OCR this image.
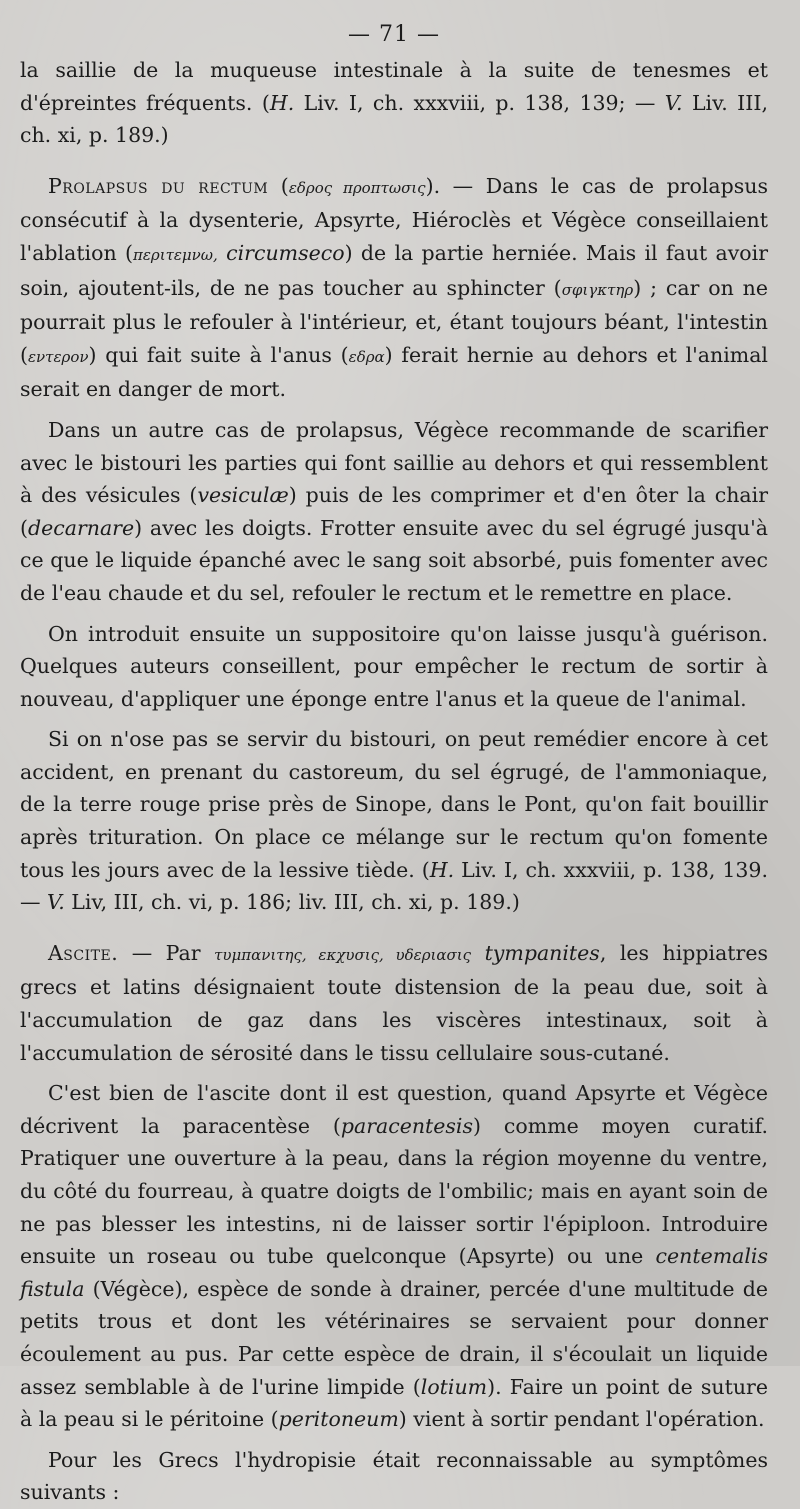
— 71 —

la saillie de la muqueuse intestinale à la suite de tenesmes et d'épreintes fréquents. (H. Liv. I, ch. xxxviii, p. 138, 139; — V. Liv. III, ch. xi, p. 189.)

Prolapsus du rectum (εδρος προπτωσις). — Dans le cas de prolapsus consécutif à la dysenterie, Apsyrte, Hiéroclès et Végèce conseillaient l'ablation (περιτεμνω, circumseco) de la partie herniée. Mais il faut avoir soin, ajoutent-ils, de ne pas toucher au sphincter (σφιγκτηρ) ; car on ne pourrait plus le refouler à l'intérieur, et, étant toujours béant, l'intestin (εντερον) qui fait suite à l'anus (εδρα) ferait hernie au dehors et l'animal serait en danger de mort.

Dans un autre cas de prolapsus, Végèce recommande de scarifier avec le bistouri les parties qui font saillie au dehors et qui ressemblent à des vésicules (vesiculæ) puis de les comprimer et d'en ôter la chair (decarnare) avec les doigts. Frotter ensuite avec du sel égrugé jusqu'à ce que le liquide épanché avec le sang soit absorbé, puis fomenter avec de l'eau chaude et du sel, refouler le rectum et le remettre en place.

On introduit ensuite un suppositoire qu'on laisse jusqu'à guérison. Quelques auteurs conseillent, pour empêcher le rectum de sortir à nouveau, d'appliquer une éponge entre l'anus et la queue de l'animal.

Si on n'ose pas se servir du bistouri, on peut remédier encore à cet accident, en prenant du castoreum, du sel égrugé, de l'ammoniaque, de la terre rouge prise près de Sinope, dans le Pont, qu'on fait bouillir après trituration. On place ce mélange sur le rectum qu'on fomente tous les jours avec de la lessive tiède. (H. Liv. I, ch. xxxviii, p. 138, 139. — V. Liv, III, ch. vi, p. 186; liv. III, ch. xi, p. 189.)

Ascite. — Par τυμπανιτης, εκχυσις, υδεριασις tympanites, les hippiatres grecs et latins désignaient toute distension de la peau due, soit à l'accumulation de gaz dans les viscères intestinaux, soit à l'accumulation de sérosité dans le tissu cellulaire sous-cutané.

C'est bien de l'ascite dont il est question, quand Apsyrte et Végèce décrivent la paracentèse (paracentesis) comme moyen curatif. Pratiquer une ouverture à la peau, dans la région moyenne du ventre, du côté du fourreau, à quatre doigts de l'ombilic; mais en ayant soin de ne pas blesser les intestins, ni de laisser sortir l'épiploon. Introduire ensuite un roseau ou tube quelconque (Apsyrte) ou une centemalis fistula (Végèce), espèce de sonde à drainer, percée d'une multitude de petits trous et dont les vétérinaires se servaient pour donner écoulement au pus. Par cette espèce de drain, il s'écoulait un liquide assez semblable à de l'urine limpide (lotium). Faire un point de suture à la peau si le péritoine (peritoneum) vient à sortir pendant l'opération.

Pour les Grecs l'hydropisie était reconnaissable au symptômes suivants :
